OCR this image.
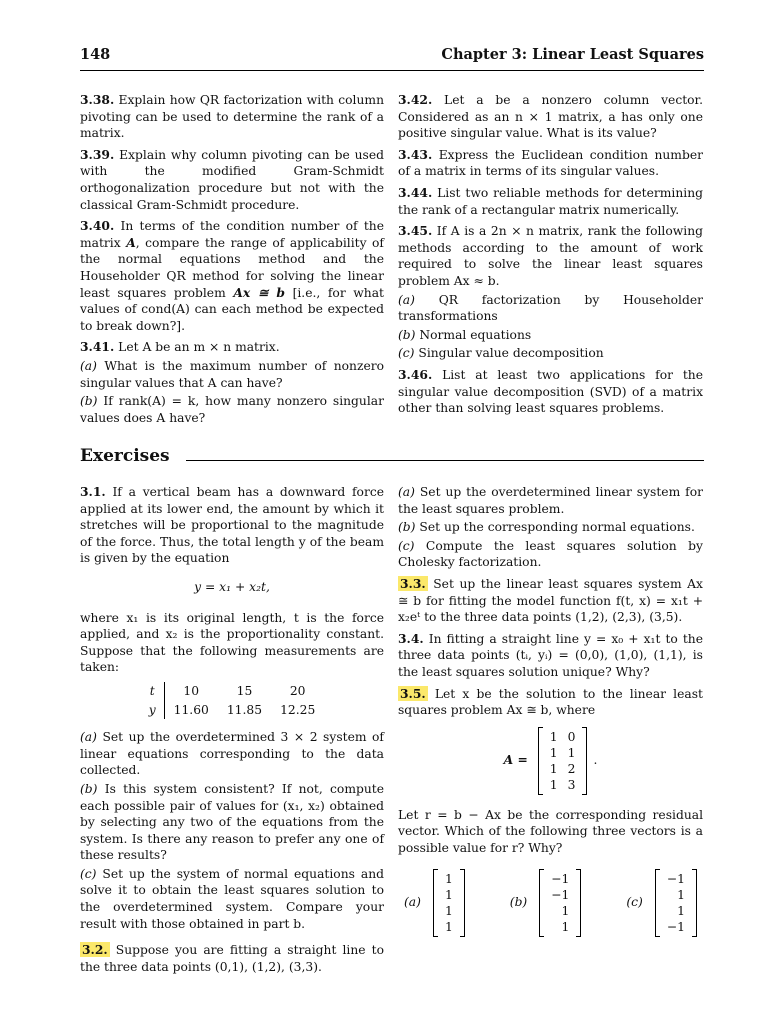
148	Chapter 3: Linear Least Squares

3.38. Explain how QR factorization with column pivoting can be used to determine the rank of a matrix.

3.39. Explain why column pivoting can be used with the modified Gram-Schmidt orthogonalization procedure but not with the classical Gram-Schmidt procedure.

3.40. In terms of the condition number of the matrix A, compare the range of applicability of the normal equations method and the Householder QR method for solving the linear least squares problem Ax ≅ b [i.e., for what values of cond(A) can each method be expected to break down?].

3.41. Let A be an m × n matrix.

(a) What is the maximum number of nonzero singular values that A can have?

(b) If rank(A) = k, how many nonzero singular values does A have?

3.42. Let a be a nonzero column vector. Considered as an n × 1 matrix, a has only one positive singular value. What is its value?

3.43. Express the Euclidean condition number of a matrix in terms of its singular values.

3.44. List two reliable methods for determining the rank of a rectangular matrix numerically.

3.45. If A is a 2n × n matrix, rank the following methods according to the amount of work required to solve the linear least squares problem Ax ≈ b.

(a) QR factorization by Householder transformations

(b) Normal equations

(c) Singular value decomposition

3.46. List at least two applications for the singular value decomposition (SVD) of a matrix other than solving least squares problems.

Exercises

3.1. If a vertical beam has a downward force applied at its lower end, the amount by which it stretches will be proportional to the magnitude of the force. Thus, the total length y of the beam is given by the equation

y = x₁ + x₂t,

where x₁ is its original length, t is the force applied, and x₂ is the proportionality constant. Suppose that the following measurements are taken:

t	10	15	20
y	11.60	11.85	12.25

(a) Set up the overdetermined 3 × 2 system of linear equations corresponding to the data collected.

(b) Is this system consistent? If not, compute each possible pair of values for (x₁, x₂) obtained by selecting any two of the equations from the system. Is there any reason to prefer any one of these results?

(c) Set up the system of normal equations and solve it to obtain the least squares solution to the overdetermined system. Compare your result with those obtained in part b.

3.2. Suppose you are fitting a straight line to the three data points (0,1), (1,2), (3,3).

(a) Set up the overdetermined linear system for the least squares problem.

(b) Set up the corresponding normal equations.

(c) Compute the least squares solution by Cholesky factorization.

3.3. Set up the linear least squares system Ax ≅ b for fitting the model function f(t, x) = x₁t + x₂eᵗ to the three data points (1,2), (2,3), (3,5).

3.4. In fitting a straight line y = x₀ + x₁t to the three data points (tᵢ, yᵢ) = (0,0), (1,0), (1,1), is the least squares solution unique? Why?

3.5. Let x be the solution to the linear least squares problem Ax ≅ b, where

A =
1	0
1	1
1	2
1	3
.

Let r = b − Ax be the corresponding residual vector. Which of the following three vectors is a possible value for r? Why?

(a)
1
1
1
1
(b)
−1
−1
1
1
(c)
−1
1
1
−1
